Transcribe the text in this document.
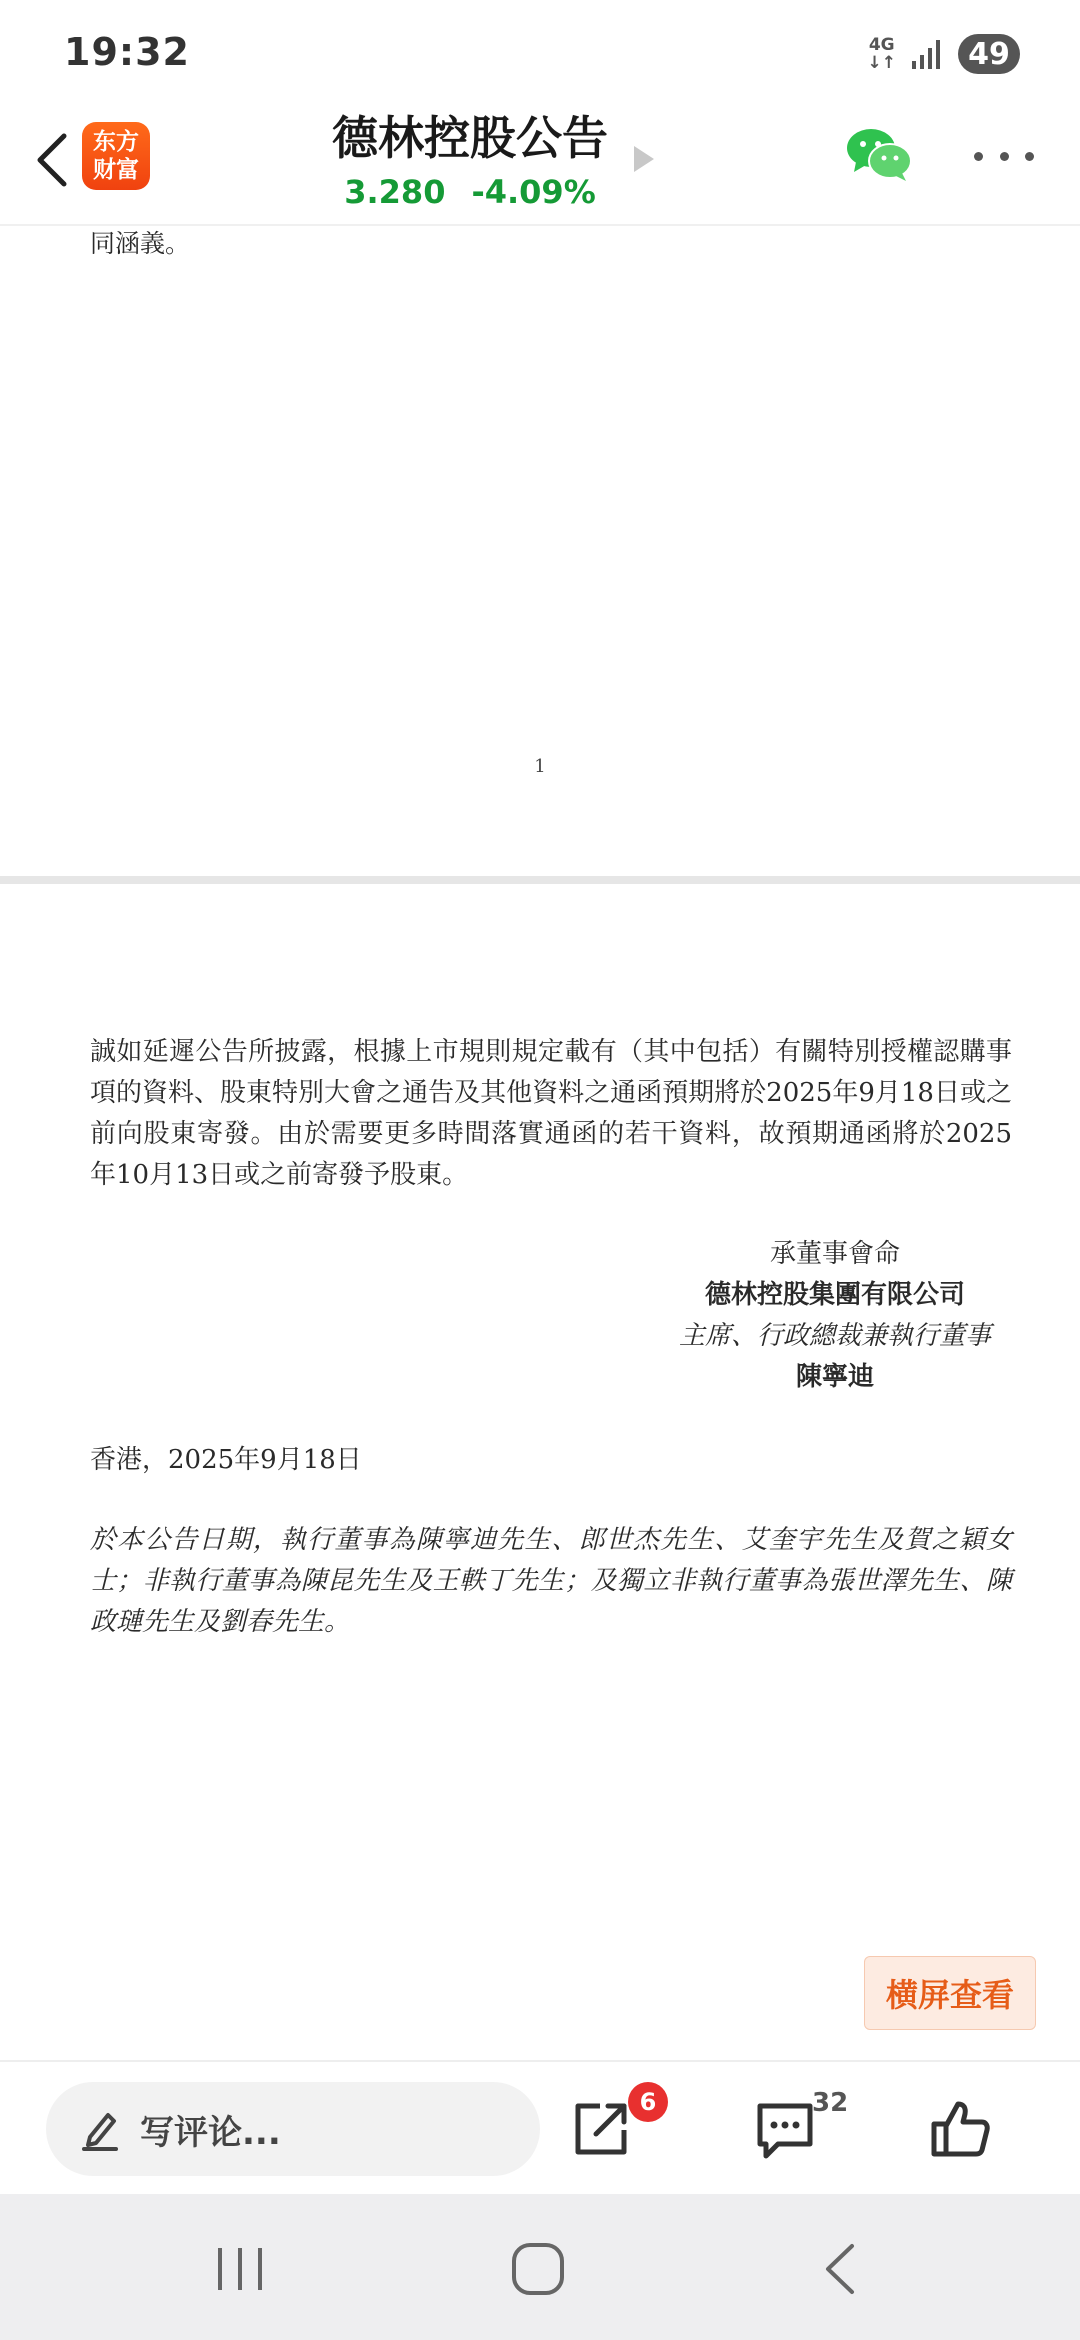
19:32	4G
↓↑	49
东方
财富
德林控股公告
3.280 -4.09%
同涵義。
1
誠如延遲公告所披露，根據上市規則規定載有（其中包括）有關特別授權認購事項的資料、股東特別大會之通告及其他資料之通函預期將於2025年9月18日或之前向股東寄發。由於需要更多時間落實通函的若干資料，故預期通函將於2025年10月13日或之前寄發予股東。
承董事會命
德林控股集團有限公司
主席、行政總裁兼執行董事
陳寧迪
香港，2025年9月18日
於本公告日期，執行董事為陳寧迪先生、郎世杰先生、艾奎宇先生及賀之穎女士；非執行董事為陳昆先生及王軼丁先生；及獨立非執行董事為張世澤先生、陳政璉先生及劉春先生。
横屏查看
写评论...
6	32
